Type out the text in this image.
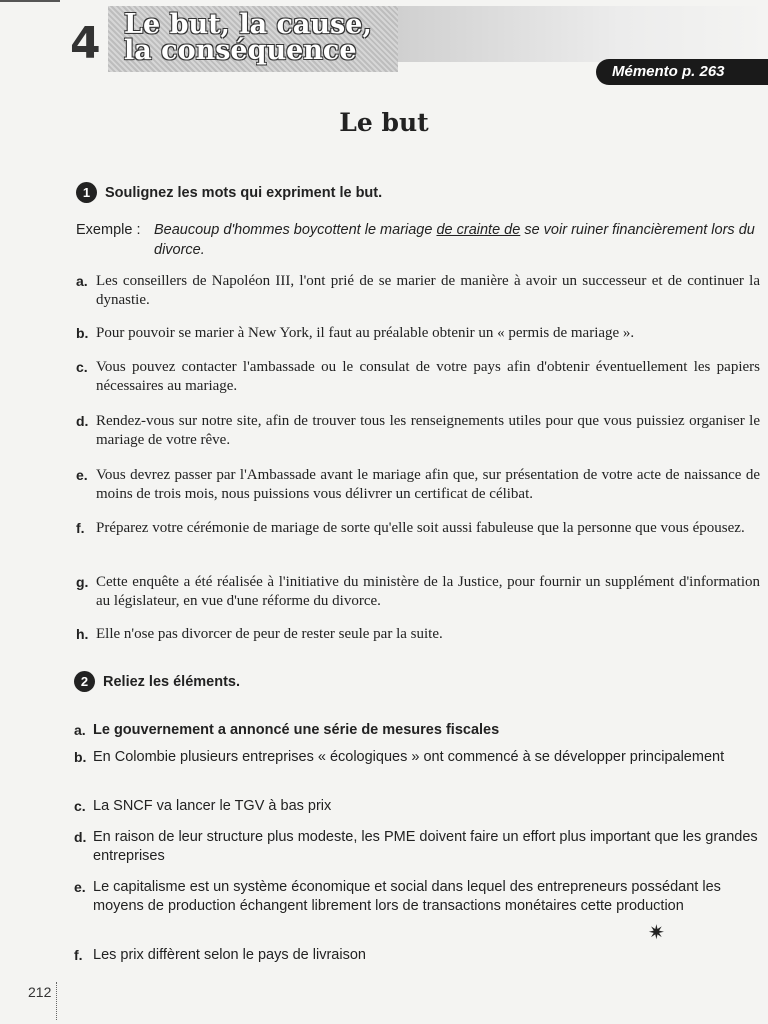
4 Le but, la cause,
la conséquence
Mémento p. 263
Le but
1	Soulignez les mots qui expriment le but.
Exemple : Beaucoup d'hommes boycottent le mariage de crainte de se voir ruiner financièrement lors du divorce.
a. Les conseillers de Napoléon III, l'ont prié de se marier de manière à avoir un successeur et de continuer la dynastie.
b. Pour pouvoir se marier à New York, il faut au préalable obtenir un « permis de mariage ».
c. Vous pouvez contacter l'ambassade ou le consulat de votre pays afin d'obtenir éventuellement les papiers nécessaires au mariage.
d. Rendez-vous sur notre site, afin de trouver tous les renseignements utiles pour que vous puissiez organiser le mariage de votre rêve.
e. Vous devrez passer par l'Ambassade avant le mariage afin que, sur présentation de votre acte de naissance de moins de trois mois, nous puissions vous délivrer un certificat de célibat.
f. Préparez votre cérémonie de mariage de sorte qu'elle soit aussi fabuleuse que la personne que vous épousez.
g. Cette enquête a été réalisée à l'initiative du ministère de la Justice, pour fournir un supplément d'information au législateur, en vue d'une réforme du divorce.
h. Elle n'ose pas divorcer de peur de rester seule par la suite.
2	Reliez les éléments.
a. Le gouvernement a annoncé une série de mesures fiscales
b. En Colombie plusieurs entreprises « écologiques » ont commencé à se développer principalement
c. La SNCF va lancer le TGV à bas prix
d. En raison de leur structure plus modeste, les PME doivent faire un effort plus important que les grandes entreprises
e. Le capitalisme est un système économique et social dans lequel des entrepreneurs possédant les moyens de production échangent librement lors de transactions monétaires cette production
f. Les prix diffèrent selon le pays de livraison
✷
212
